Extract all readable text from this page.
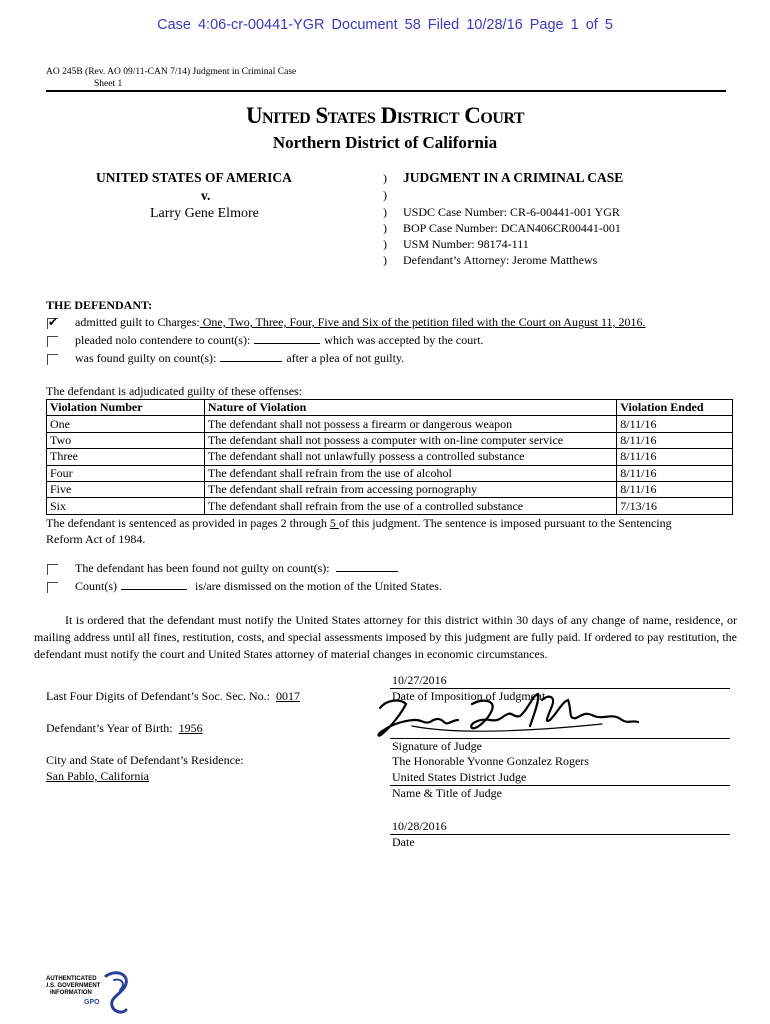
Case 4:06-cr-00441-YGR Document 58 Filed 10/28/16 Page 1 of 5
AO 245B (Rev. AO 09/11-CAN 7/14) Judgment in Criminal Case
Sheet 1
United States District Court
Northern District of California
UNITED STATES OF AMERICA
v.
Larry Gene Elmore
)
)
)
)
)
)
JUDGMENT IN A CRIMINAL CASE
USDC Case Number: CR-6-00441-001 YGR
BOP Case Number: DCAN406CR00441-001
USM Number: 98174-111
Defendant’s Attorney: Jerome Matthews
THE DEFENDANT:
✔ admitted guilt to Charges: One, Two, Three, Four, Five and Six of the petition filed with the Court on August 11, 2016.
pleaded nolo contendere to count(s):	which was accepted by the court.
was found guilty on count(s):	after a plea of not guilty.
The defendant is adjudicated guilty of these offenses:
Violation Number	Nature of Violation	Violation Ended
One	The defendant shall not possess a firearm or dangerous weapon	8/11/16
Two	The defendant shall not possess a computer with on-line computer service	8/11/16
Three	The defendant shall not unlawfully possess a controlled substance	8/11/16
Four	The defendant shall refrain from the use of alcohol	8/11/16
Five	The defendant shall refrain from accessing pornography	8/11/16
Six	The defendant shall refrain from the use of a controlled substance	7/13/16
The defendant is sentenced as provided in pages 2 through 5 of this judgment. The sentence is imposed pursuant to the Sentencing
Reform Act of 1984.
The defendant has been found not guilty on count(s):
Count(s)	is/are dismissed on the motion of the United States.
It is ordered that the defendant must notify the United States attorney for this district within 30 days of any change of name, residence, or mailing address until all fines, restitution, costs, and special assessments imposed by this judgment are fully paid. If ordered to pay restitution, the defendant must notify the court and United States attorney of material changes in economic circumstances.
Last Four Digits of Defendant’s Soc. Sec. No.: 0017
Defendant’s Year of Birth: 1956
City and State of Defendant’s Residence:
San Pablo, California
10/27/2016
Date of Imposition of Judgment
Signature of Judge
The Honorable Yvonne Gonzalez Rogers
United States District Judge
Name & Title of Judge
10/28/2016
Date
AUTHENTICATED
U.S. GOVERNMENT
INFORMATION
GPO
